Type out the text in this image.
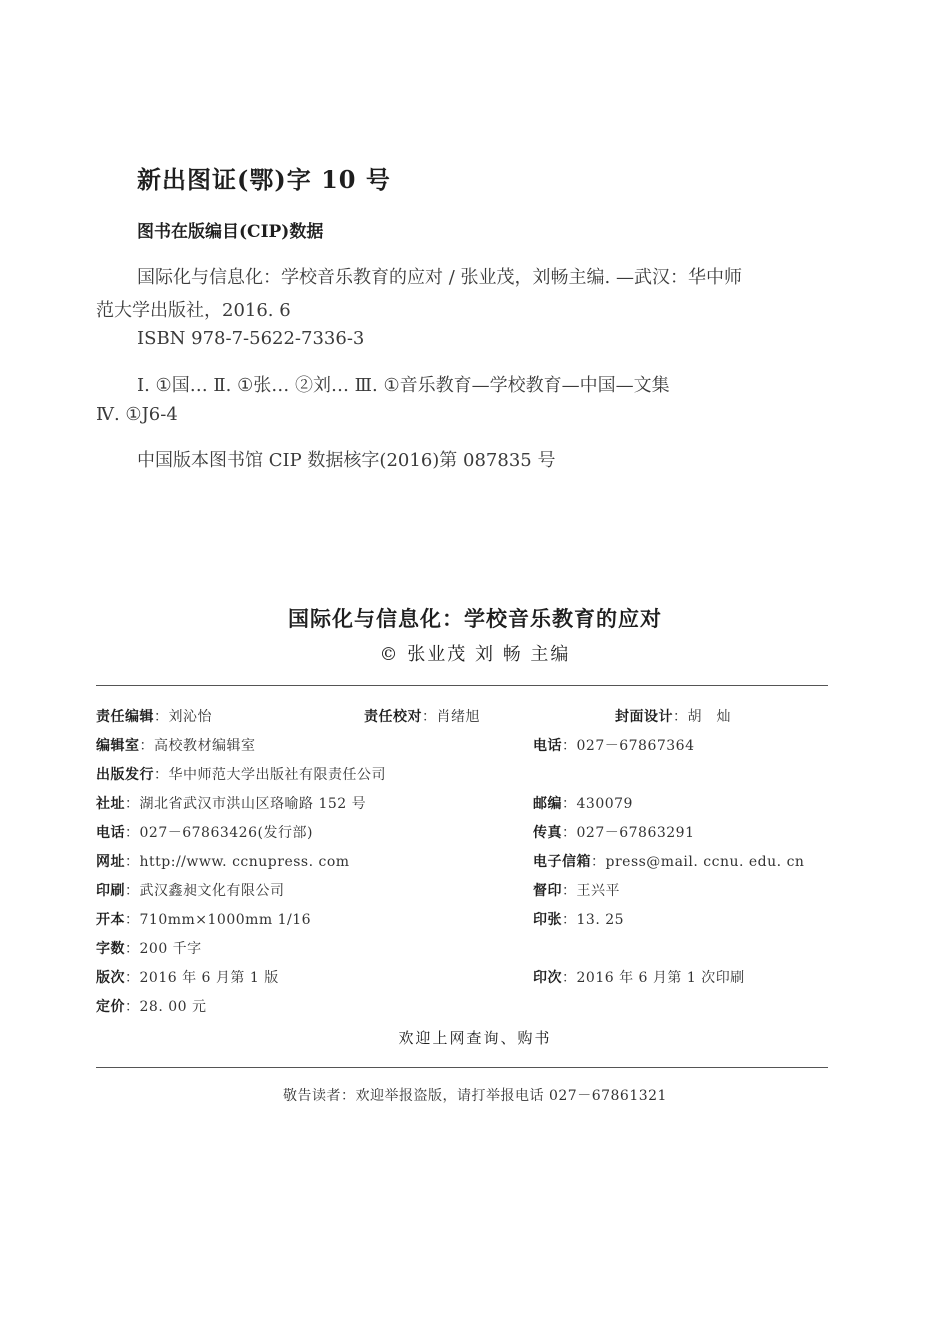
新出图证(鄂)字 10 号
图书在版编目(CIP)数据
国际化与信息化：学校音乐教育的应对 / 张业茂，刘畅主编. —武汉：华中师
范大学出版社，2016. 6
ISBN 978-7-5622-7336-3
Ⅰ. ①国… Ⅱ. ①张… ②刘… Ⅲ. ①音乐教育—学校教育—中国—文集
Ⅳ. ①J6-4
中国版本图书馆 CIP 数据核字(2016)第 087835 号
国际化与信息化：学校音乐教育的应对
© 张业茂 刘 畅 主编
责任编辑：刘沁怡	责任校对：肖绪旭	封面设计：胡　灿
编辑室：高校教材编辑室	电话：027－67867364
出版发行：华中师范大学出版社有限责任公司
社址：湖北省武汉市洪山区珞喻路 152 号	邮编：430079
电话：027－67863426(发行部)	传真：027－67863291
网址：http://www. ccnupress. com	电子信箱：press@mail. ccnu. edu. cn
印刷：武汉鑫昶文化有限公司	督印：王兴平
开本：710mm×1000mm 1/16	印张：13. 25
字数：200 千字
版次：2016 年 6 月第 1 版	印次：2016 年 6 月第 1 次印刷
定价：28. 00 元
欢迎上网查询、购书
敬告读者：欢迎举报盗版，请打举报电话 027－67861321
